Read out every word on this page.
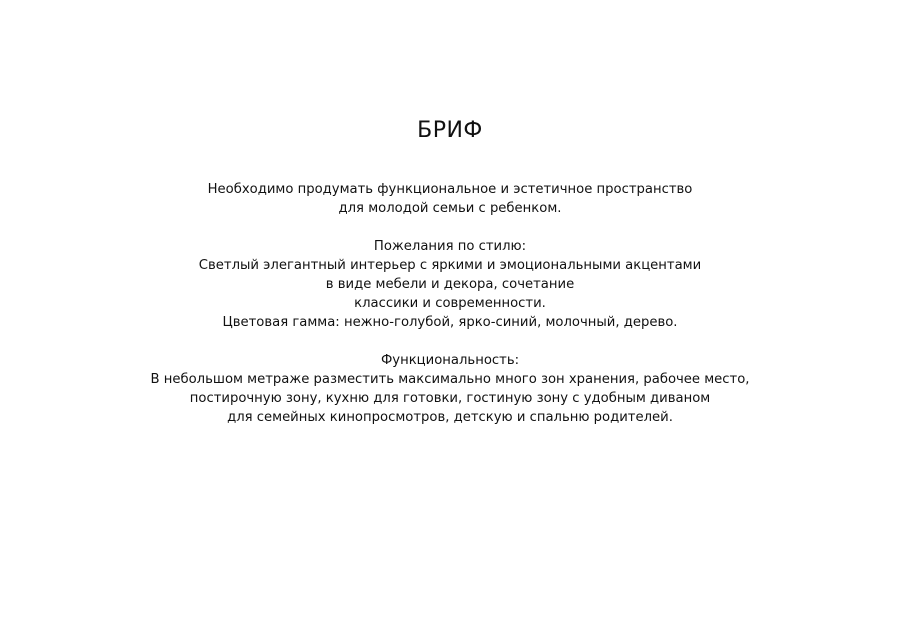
БРИФ
Необходимо продумать функциональное и эстетичное пространство
для молодой семьи с ребенком.
Пожелания по стилю:
Светлый элегантный интерьер с яркими и эмоциональными акцентами
в виде мебели и декора, сочетание
классики и современности.
Цветовая гамма: нежно-голубой, ярко-синий, молочный, дерево.
Функциональность:
В небольшом метраже разместить максимально много зон хранения, рабочее место,
постирочную зону, кухню для готовки, гостиную зону с удобным диваном
для семейных кинопросмотров, детскую и спальню родителей.
